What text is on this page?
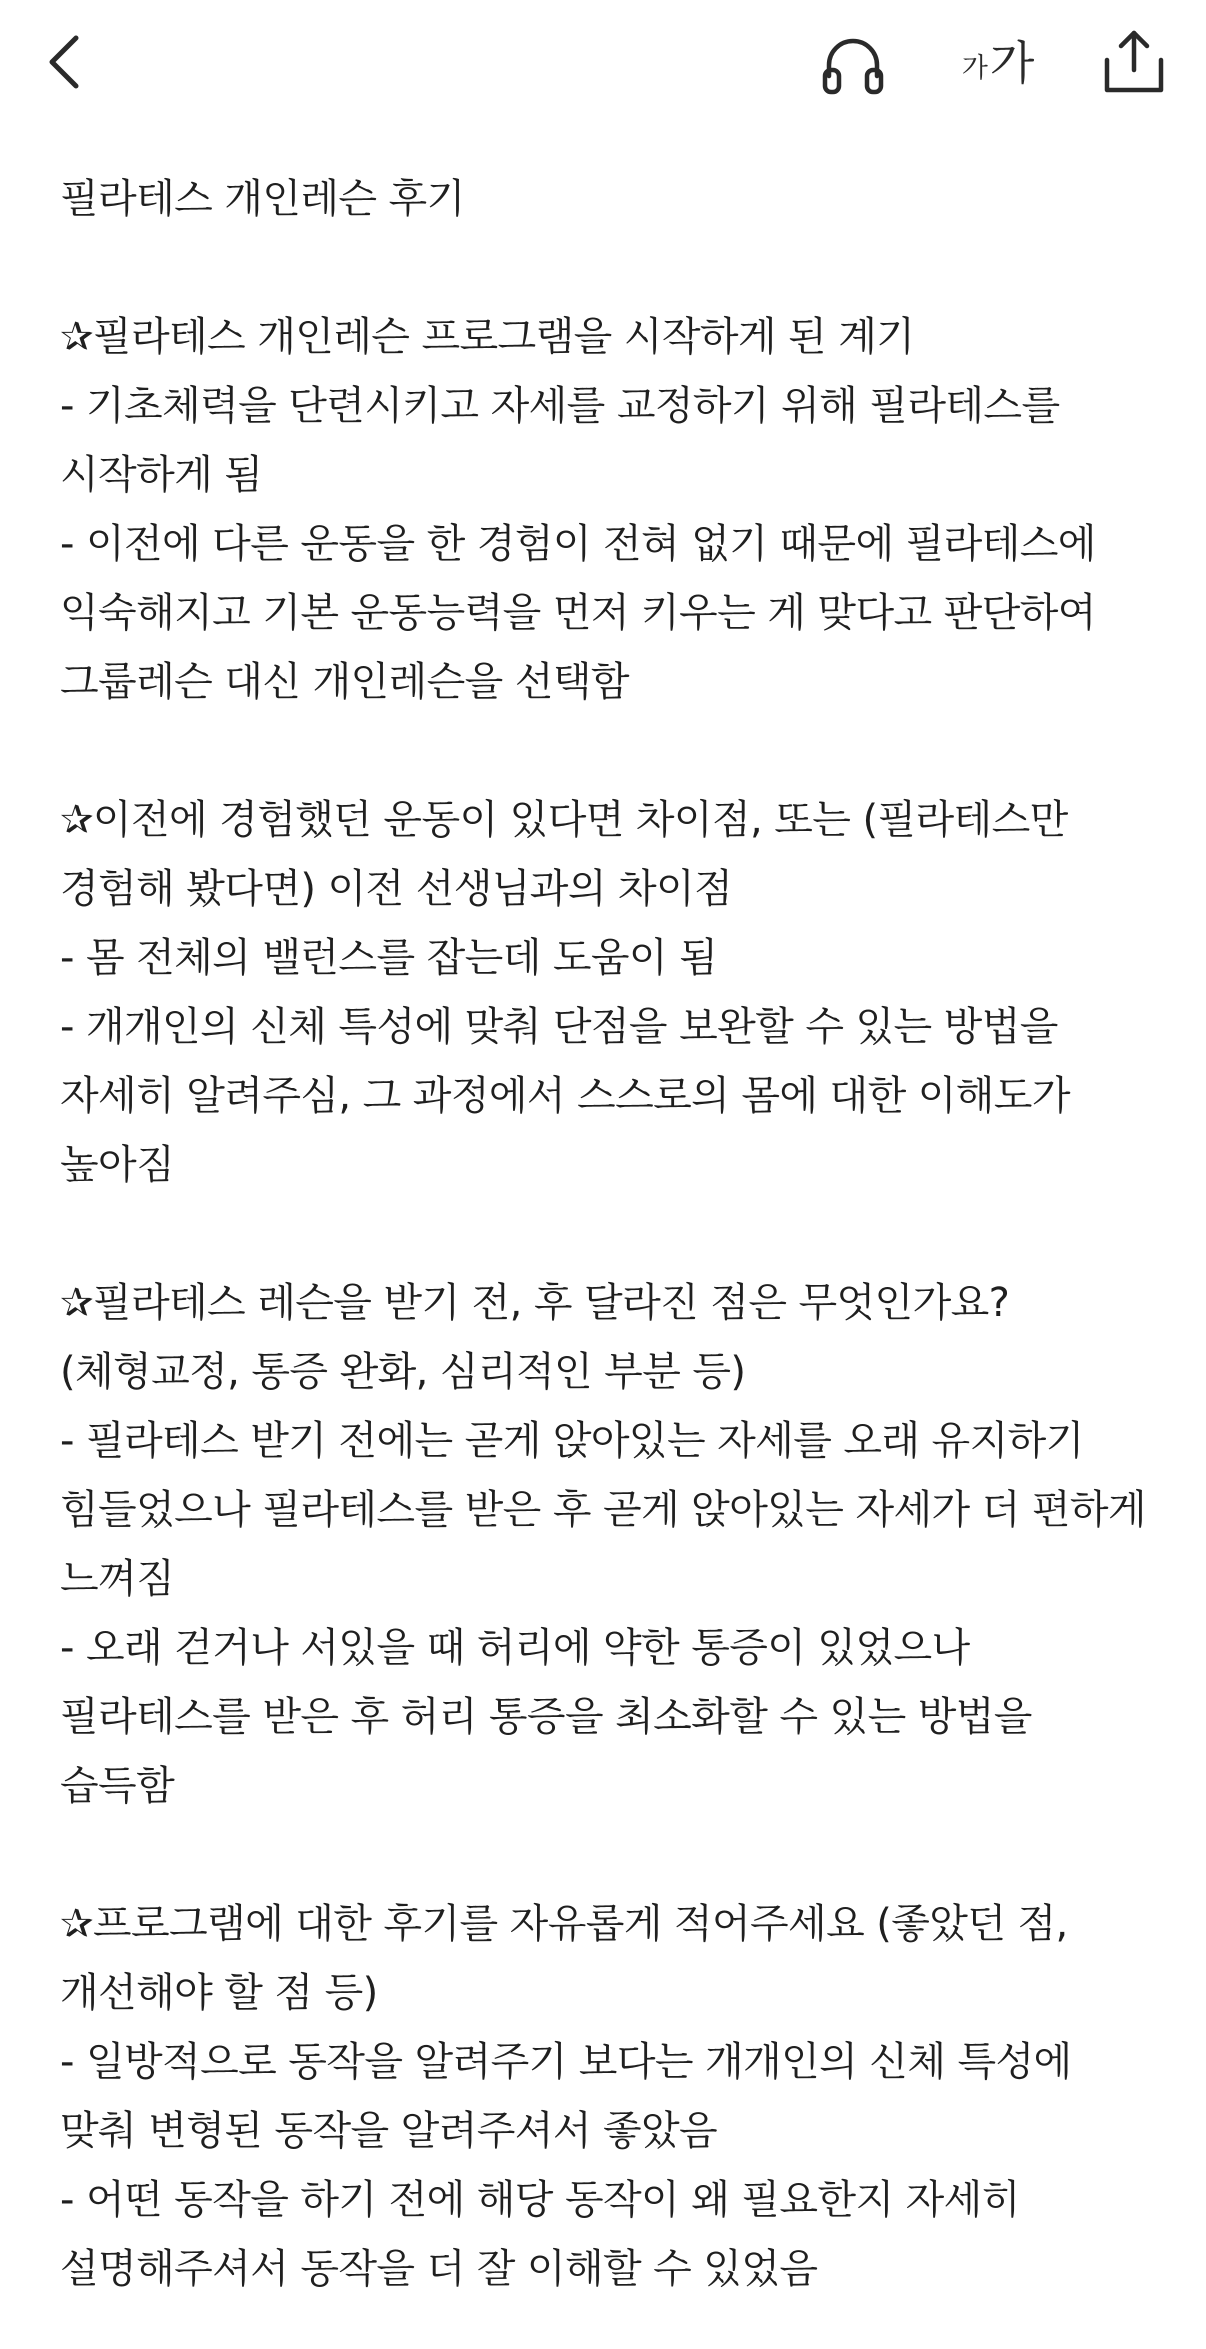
가 가

필라테스 개인레슨 후기

✰필라테스 개인레슨 프로그램을 시작하게 된 계기

- 기초체력을 단련시키고 자세를 교정하기 위해 필라테스를 시작하게 됨

- 이전에 다른 운동을 한 경험이 전혀 없기 때문에 필라테스에 익숙해지고 기본 운동능력을 먼저 키우는 게 맞다고 판단하여 그룹레슨 대신 개인레슨을 선택함

✰이전에 경험했던 운동이 있다면 차이점, 또는 (필라테스만 경험해 봤다면) 이전 선생님과의 차이점

- 몸 전체의 밸런스를 잡는데 도움이 됨

- 개개인의 신체 특성에 맞춰 단점을 보완할 수 있는 방법을 자세히 알려주심, 그 과정에서 스스로의 몸에 대한 이해도가 높아짐

✰필라테스 레슨을 받기 전, 후 달라진 점은 무엇인가요? (체형교정, 통증 완화, 심리적인 부분 등)

- 필라테스 받기 전에는 곧게 앉아있는 자세를 오래 유지하기 힘들었으나 필라테스를 받은 후 곧게 앉아있는 자세가 더 편하게 느껴짐

- 오래 걷거나 서있을 때 허리에 약한 통증이 있었으나 필라테스를 받은 후 허리 통증을 최소화할 수 있는 방법을 습득함

✰프로그램에 대한 후기를 자유롭게 적어주세요 (좋았던 점, 개선해야 할 점 등)

- 일방적으로 동작을 알려주기 보다는 개개인의 신체 특성에 맞춰 변형된 동작을 알려주셔서 좋았음

- 어떤 동작을 하기 전에 해당 동작이 왜 필요한지 자세히 설명해주셔서 동작을 더 잘 이해할 수 있었음
